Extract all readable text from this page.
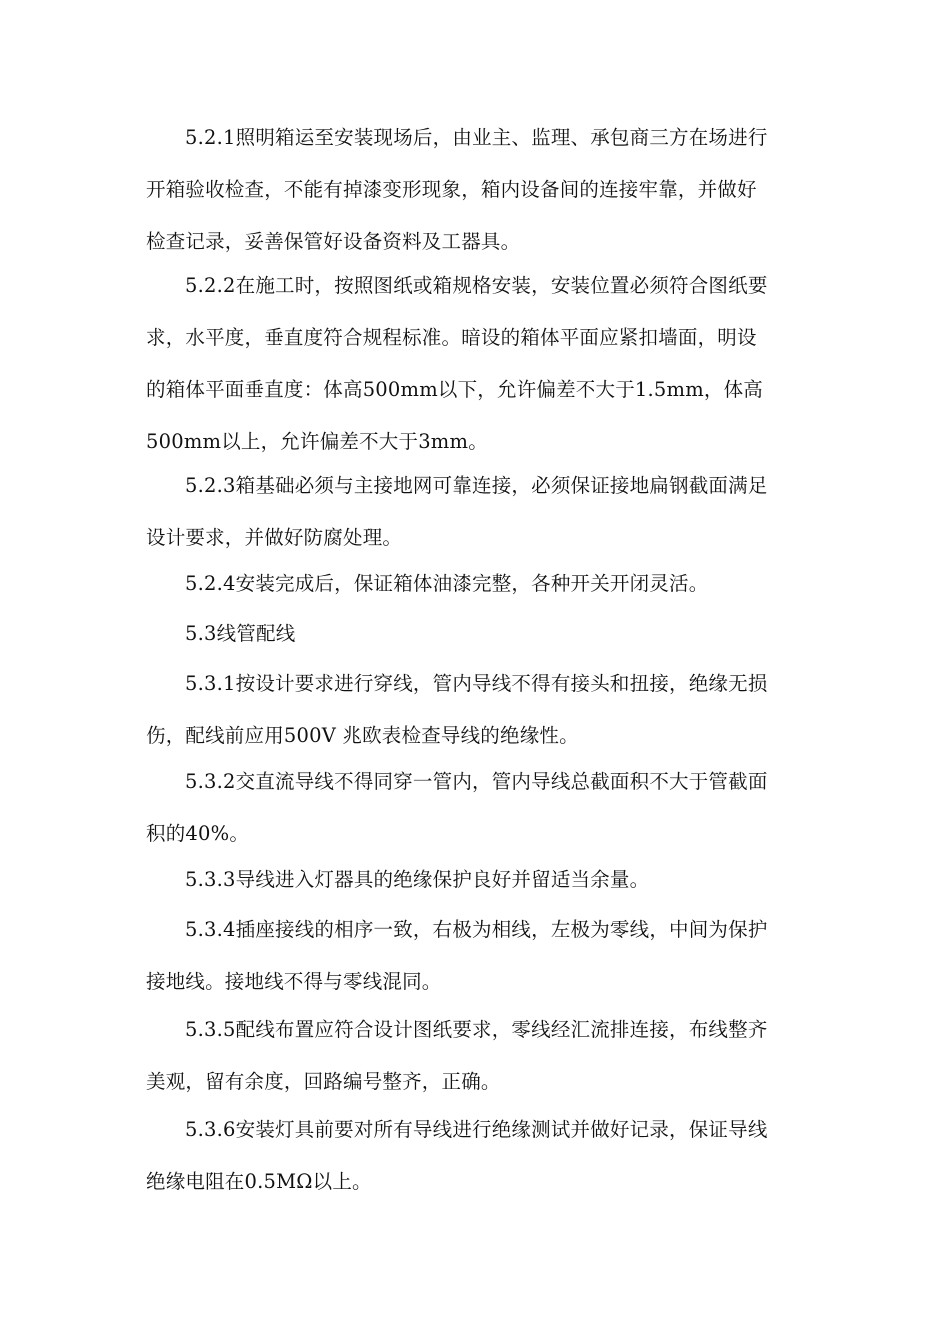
5.2.1照明箱运至安装现场后，由业主、监理、承包商三方在场进行
开箱验收检查，不能有掉漆变形现象，箱内设备间的连接牢靠，并做好
检查记录，妥善保管好设备资料及工器具。

5.2.2在施工时，按照图纸或箱规格安装，安装位置必须符合图纸要
求，水平度，垂直度符合规程标准。暗设的箱体平面应紧扣墙面，明设
的箱体平面垂直度：体高500mm以下，允许偏差不大于1.5mm，体高
500mm以上，允许偏差不大于3mm。

5.2.3箱基础必须与主接地网可靠连接，必须保证接地扁钢截面满足
设计要求，并做好防腐处理。

5.2.4安装完成后，保证箱体油漆完整，各种开关开闭灵活。

5.3线管配线

5.3.1按设计要求进行穿线，管内导线不得有接头和扭接，绝缘无损
伤，配线前应用500V 兆欧表检查导线的绝缘性。

5.3.2交直流导线不得同穿一管内，管内导线总截面积不大于管截面
积的40%。

5.3.3导线进入灯器具的绝缘保护良好并留适当余量。

5.3.4插座接线的相序一致，右极为相线，左极为零线，中间为保护
接地线。接地线不得与零线混同。

5.3.5配线布置应符合设计图纸要求，零线经汇流排连接，布线整齐
美观，留有余度，回路编号整齐，正确。

5.3.6安装灯具前要对所有导线进行绝缘测试并做好记录，保证导线
绝缘电阻在0.5MΩ以上。
